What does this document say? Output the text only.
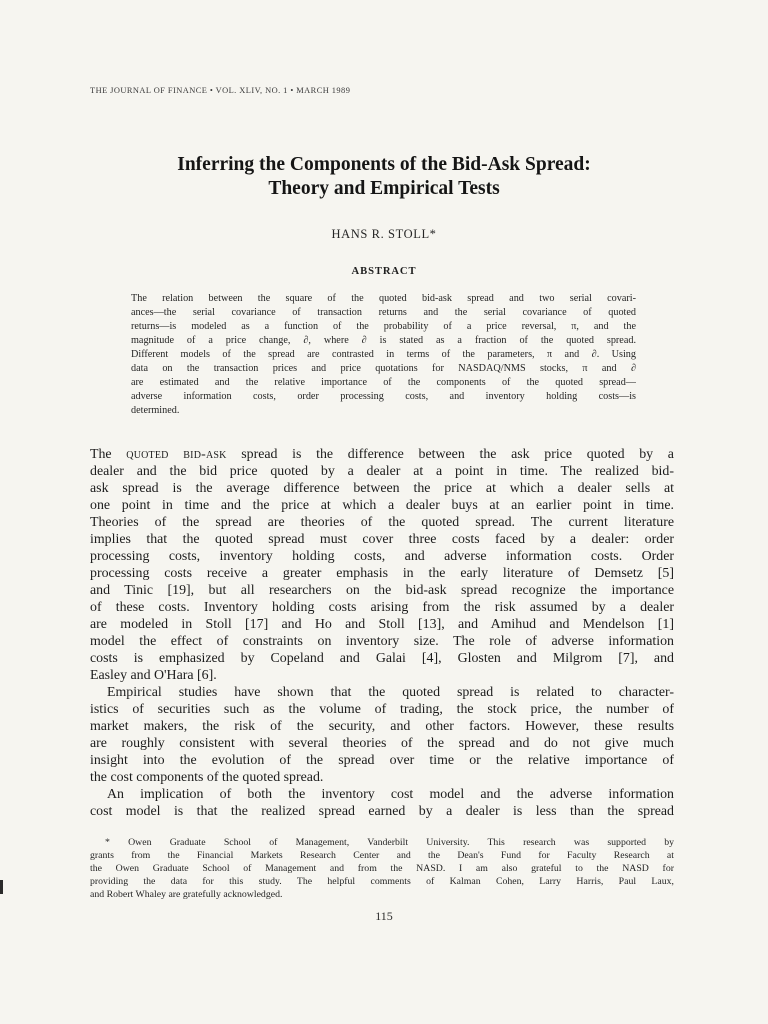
THE JOURNAL OF FINANCE • VOL. XLIV, NO. 1 • MARCH 1989
Inferring the Components of the Bid-Ask Spread:
Theory and Empirical Tests
HANS R. STOLL*
ABSTRACT
The relation between the square of the quoted bid-ask spread and two serial covari-
ances—the serial covariance of transaction returns and the serial covariance of quoted
returns—is modeled as a function of the probability of a price reversal, π, and the
magnitude of a price change, ∂, where ∂ is stated as a fraction of the quoted spread.
Different models of the spread are contrasted in terms of the parameters, π and ∂. Using
data on the transaction prices and price quotations for NASDAQ/NMS stocks, π and ∂
are estimated and the relative importance of the components of the quoted spread—
adverse information costs, order processing costs, and inventory holding costs—is
determined.
The quoted bid-ask spread is the difference between the ask price quoted by a
dealer and the bid price quoted by a dealer at a point in time. The realized bid-
ask spread is the average difference between the price at which a dealer sells at
one point in time and the price at which a dealer buys at an earlier point in time.
Theories of the spread are theories of the quoted spread. The current literature
implies that the quoted spread must cover three costs faced by a dealer: order
processing costs, inventory holding costs, and adverse information costs. Order
processing costs receive a greater emphasis in the early literature of Demsetz [5]
and Tinic [19], but all researchers on the bid-ask spread recognize the importance
of these costs. Inventory holding costs arising from the risk assumed by a dealer
are modeled in Stoll [17] and Ho and Stoll [13], and Amihud and Mendelson [1]
model the effect of constraints on inventory size. The role of adverse information
costs is emphasized by Copeland and Galai [4], Glosten and Milgrom [7], and
Easley and O'Hara [6].
Empirical studies have shown that the quoted spread is related to character-
istics of securities such as the volume of trading, the stock price, the number of
market makers, the risk of the security, and other factors. However, these results
are roughly consistent with several theories of the spread and do not give much
insight into the evolution of the spread over time or the relative importance of
the cost components of the quoted spread.
An implication of both the inventory cost model and the adverse information
cost model is that the realized spread earned by a dealer is less than the spread
* Owen Graduate School of Management, Vanderbilt University. This research was supported by
grants from the Financial Markets Research Center and the Dean's Fund for Faculty Research at
the Owen Graduate School of Management and from the NASD. I am also grateful to the NASD for
providing the data for this study. The helpful comments of Kalman Cohen, Larry Harris, Paul Laux,
and Robert Whaley are gratefully acknowledged.
115
